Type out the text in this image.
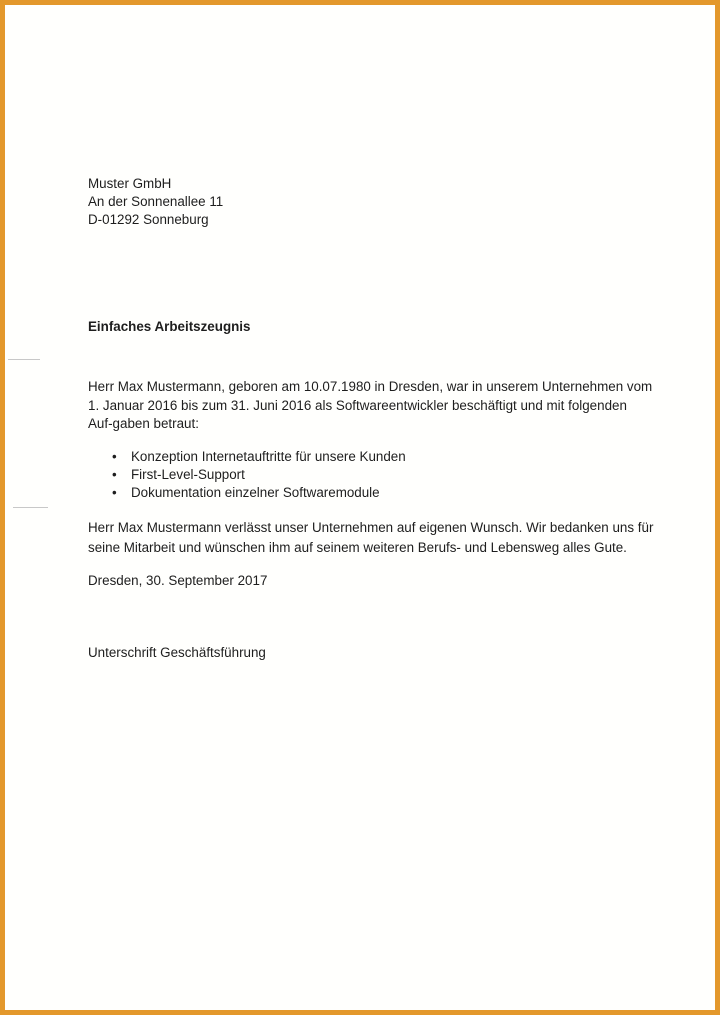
Muster GmbH
An der Sonnenallee 11
D-01292 Sonneburg
Einfaches Arbeitszeugnis
Herr Max Mustermann, geboren am 10.07.1980 in Dresden, war in unserem Unternehmen vom 1. Januar 2016 bis zum 31. Juni 2016 als Softwareentwickler beschäftigt und mit folgenden Auf-gaben betraut:
• Konzeption Internetauftritte für unsere Kunden
• First-Level-Support
• Dokumentation einzelner Softwaremodule
Herr Max Mustermann verlässt unser Unternehmen auf eigenen Wunsch. Wir bedanken uns für seine Mitarbeit und wünschen ihm auf seinem weiteren Berufs- und Lebensweg alles Gute.
Dresden, 30. September 2017
Unterschrift Geschäftsführung
